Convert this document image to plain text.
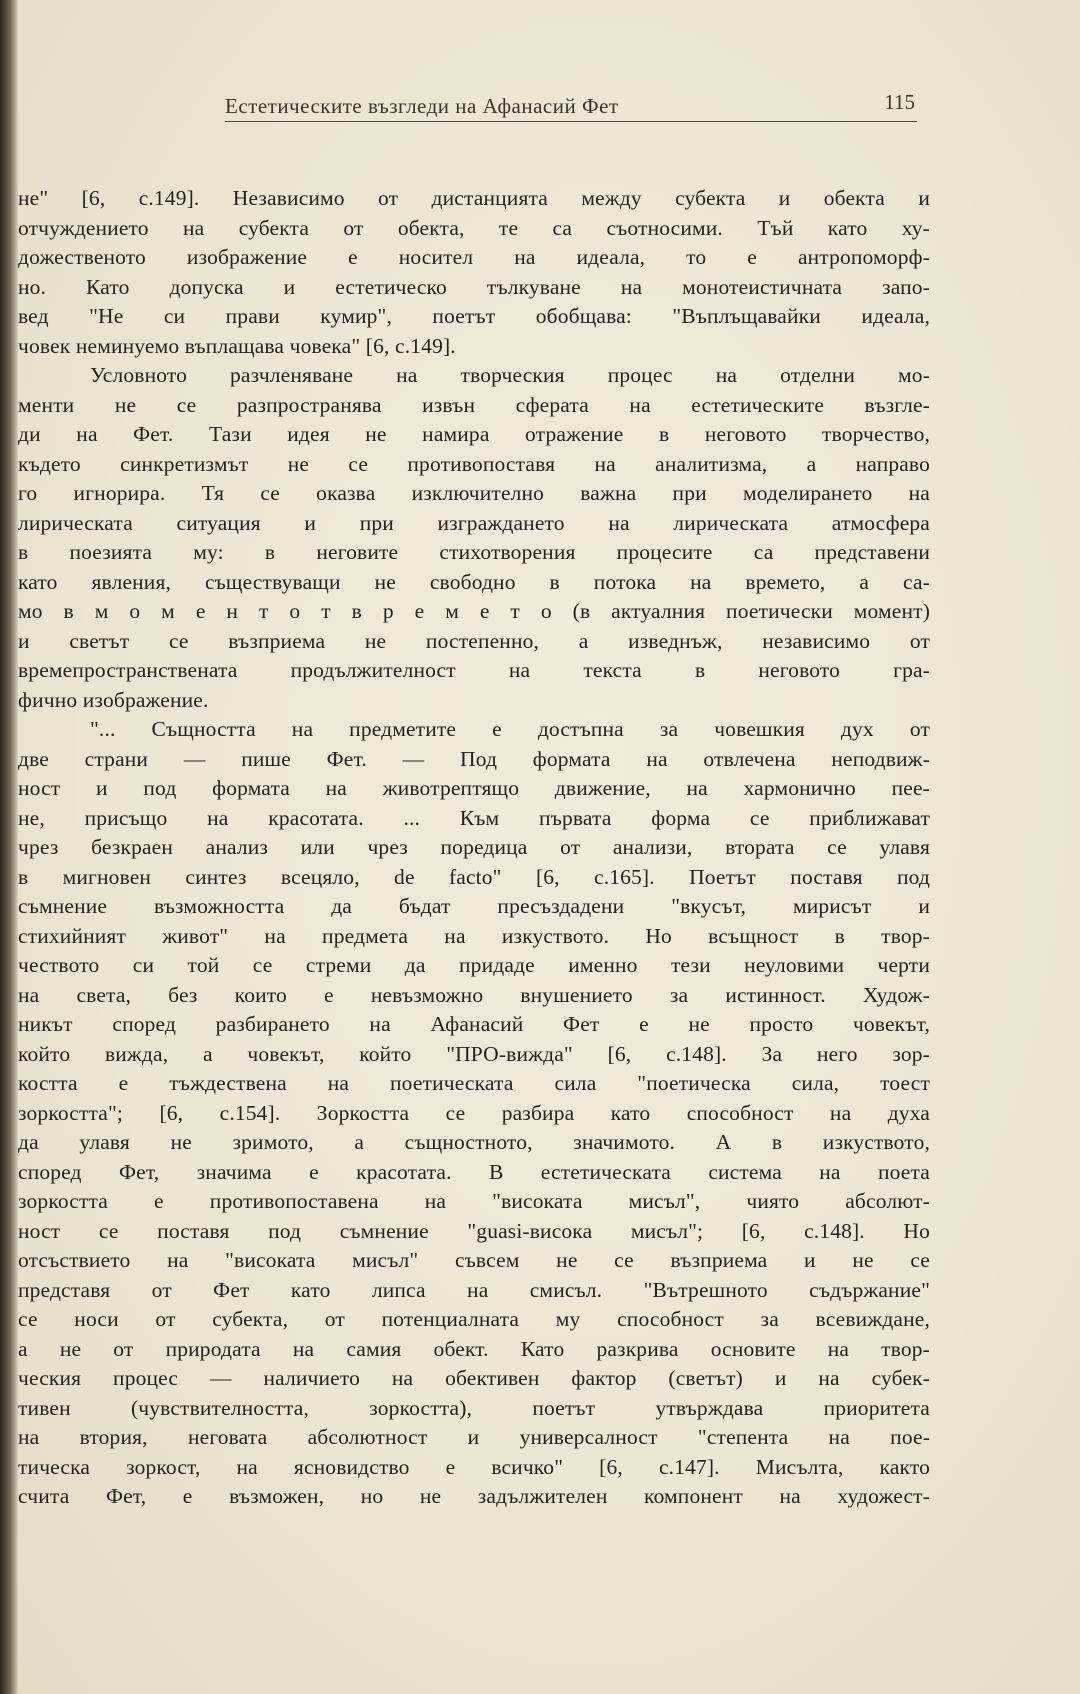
Естетическите възгледи на Афанасий Фет	115
не" [6, с.149]. Независимо от дистанцията между субекта и обекта и
отчуждението на субекта от обекта, те са съотносими. Тъй като ху-
дожественото изображение е носител на идеала, то е антропоморф-
но. Като допуска и естетическо тълкуване на монотеистичната запо-
вед "Не си прави кумир", поетът обобщава: "Въплъщавайки идеала,
човек неминуемо въплащава човека" [6, с.149].
Условното разчленяване на творческия процес на отделни мо-
менти не се разпространява извън сферата на естетическите възгле-
ди на Фет. Тази идея не намира отражение в неговото творчество,
където синкретизмът не се противопоставя на аналитизма, а направо
го игнорира. Тя се оказва изключително важна при моделирането на
лирическата ситуация и при изграждането на лирическата атмосфера
в поезията му: в неговите стихотворения процесите са представени
като явления, съществуващи не свободно в потока на времето, а са-
мо в м о м е н т о т в р е м е т о (в актуалния поетически момент)
и светът се възприема не постепенно, а изведнъж, независимо от
времепространствената продължителност на текста в неговото гра-
фично изображение.
"... Същността на предметите е достъпна за човешкия дух от
две страни — пише Фет. — Под формата на отвлечена неподвиж-
ност и под формата на животрептящо движение, на хармонично пее-
не, присъщо на красотата. ... Към първата форма се приближават
чрез безкраен анализ или чрез поредица от анализи, втората се улавя
в мигновен синтез всецяло, de facto" [6, с.165]. Поетът поставя под
съмнение възможността да бъдат пресъздадени "вкусът, мирисът и
стихийният живот" на предмета на изкуството. Но всъщност в твор-
чеството си той се стреми да придаде именно тези неуловими черти
на света, без които е невъзможно внушението за истинност. Худож-
никът според разбирането на Афанасий Фет е не просто човекът,
който вижда, а човекът, който "ПРО-вижда" [6, с.148]. За него зор-
костта е тъждествена на поетическата сила "поетическа сила, тоест
зоркостта"; [6, с.154]. Зоркостта се разбира като способност на духа
да улавя не зримото, а същностното, значимото. А в изкуството,
според Фет, значима е красотата. В естетическата система на поета
зоркостта е противопоставена на "високата мисъл", чиято абсолют-
ност се поставя под съмнение "guasi-висока мисъл"; [6, с.148]. Но
отсъствието на "високата мисъл" съвсем не се възприема и не се
представя от Фет като липса на смисъл. "Вътрешното съдържание"
се носи от субекта, от потенциалната му способност за всевиждане,
а не от природата на самия обект. Като разкрива основите на твор-
ческия процес — наличието на обективен фактор (светът) и на субек-
тивен (чувствителността, зоркостта), поетът утвърждава приоритета
на втория, неговата абсолютност и универсалност "степента на пое-
тическа зоркост, на ясновидство е всичко" [6, с.147]. Мисълта, както
счита Фет, е възможен, но не задължителен компонент на художест-
